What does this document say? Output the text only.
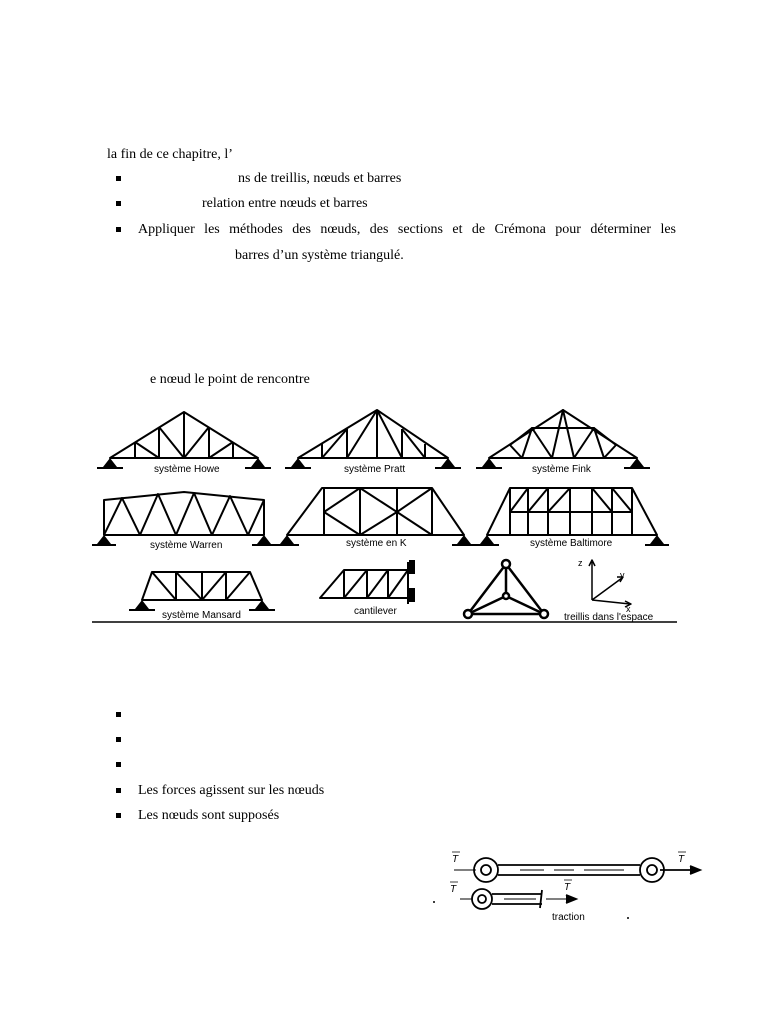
la fin de ce chapitre, l’
ns de treillis, nœuds et barres
relation entre nœuds et barres
Appliquer les méthodes des nœuds, des sections et de Crémona pour déterminer les
barres d’un système triangulé.
e nœud le point de rencontre
système Howe	système Pratt	système Fink
système Warren	système en K	système Baltimore
système Mansard	cantilever
treillis dans l'espace
z
y
x
Les forces agissent sur les nœuds
Les nœuds sont supposés
T	T
T	T
traction
